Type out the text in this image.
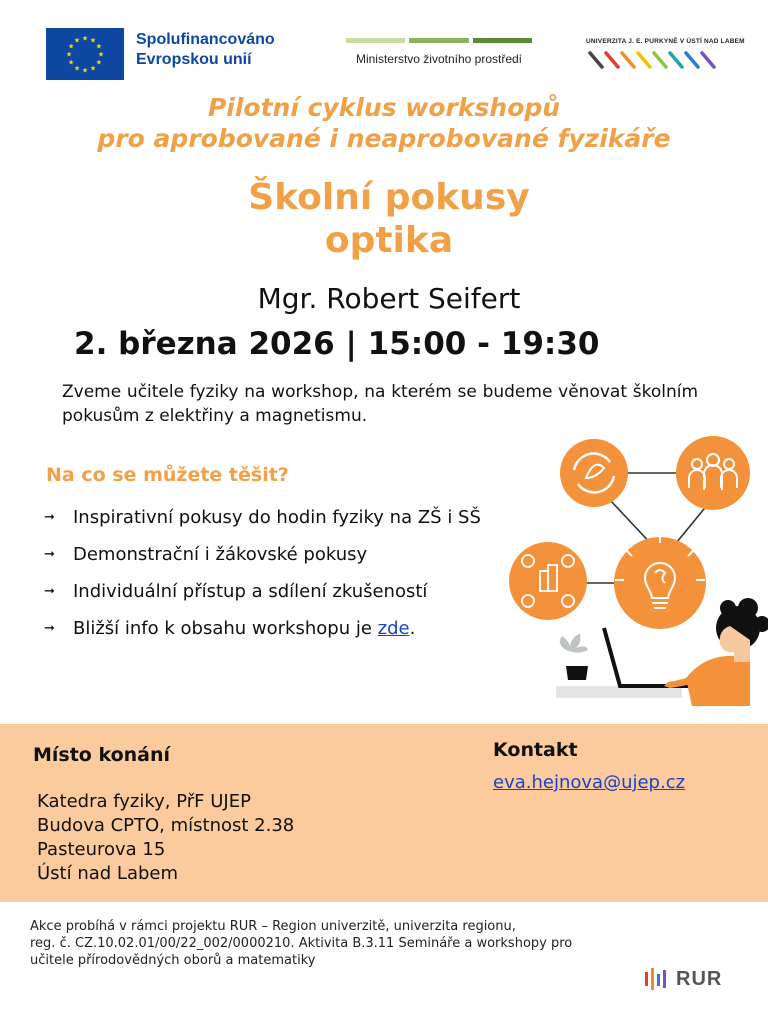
★
★
★
★
★
★
★
★
★ ★ ★
★ Spolufinancováno
Evropskou unií	Ministerstvo životního prostředí
UNIVERZITA J. E. PURKYNĚ V ÚSTÍ NAD LABEM
Pilotní cyklus workshopů
pro aprobované i neaprobované fyzikáře
Školní pokusy
optika
Mgr. Robert Seifert
2. března 2026 | 15:00 - 19:30
Zveme učitele fyziky na workshop, na kterém se budeme věnovat školním pokusům z elektřiny a magnetismu.
Na co se můžete těšit?
➞ Inspirativní pokusy do hodin fyziky na ZŠ i SŠ
➞ Demonstrační i žákovské pokusy
➞ Individuální přístup a sdílení zkušeností
➞ Bližší info k obsahu workshopu je zde.
Místo konání
Katedra fyziky, PřF UJEP
Budova CPTO, místnost 2.38
Pasteurova 15
Ústí nad Labem
Kontakt
eva.hejnova@ujep.cz
Akce probíhá v rámci projektu RUR – Region univerzitě, univerzita regionu,
reg. č. CZ.10.02.01/00/22_002/0000210. Aktivita B.3.11 Semináře a workshopy pro
učitele přírodovědných oborů a matematiky
RUR
